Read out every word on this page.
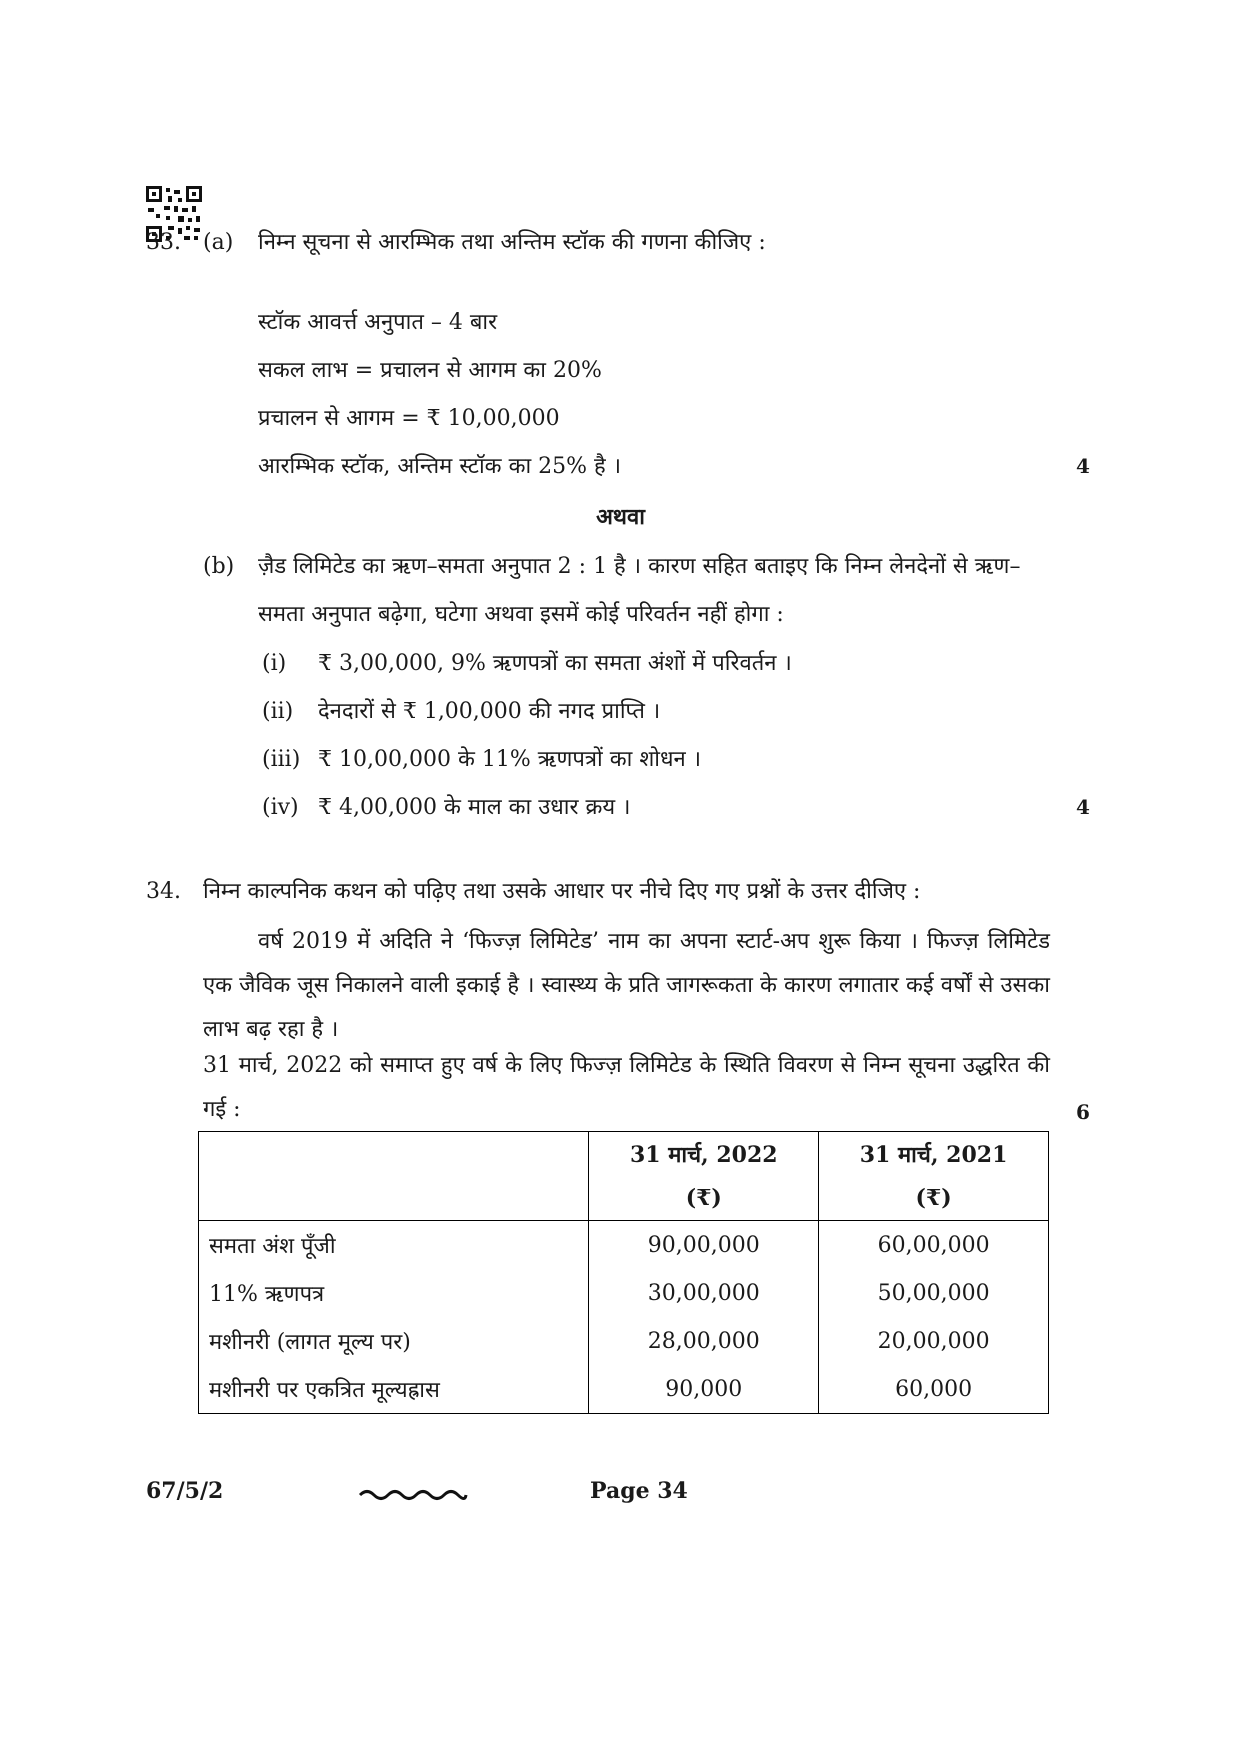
33. (a) निम्न सूचना से आरम्भिक तथा अन्तिम स्टॉक की गणना कीजिए :
स्टॉक आवर्त्त अनुपात – 4 बार
सकल लाभ = प्रचालन से आगम का 20%
प्रचालन से आगम = ₹ 10,00,000
आरम्भिक स्टॉक, अन्तिम स्टॉक का 25% है ।	4
अथवा
(b) ज़ैड लिमिटेड का ऋण–समता अनुपात 2 : 1 है । कारण सहित बताइए कि निम्न लेनदेनों से ऋण–
समता अनुपात बढ़ेगा, घटेगा अथवा इसमें कोई परिवर्तन नहीं होगा :
(i) ₹ 3,00,000, 9% ऋणपत्रों का समता अंशों में परिवर्तन ।
(ii) देनदारों से ₹ 1,00,000 की नगद प्राप्ति ।
(iii) ₹ 10,00,000 के 11% ऋणपत्रों का शोधन ।
(iv) ₹ 4,00,000 के माल का उधार क्रय ।	4
34. निम्न काल्पनिक कथन को पढ़िए तथा उसके आधार पर नीचे दिए गए प्रश्नों के उत्तर दीजिए :
वर्ष 2019 में अदिति ने ‘फिज्ज़ लिमिटेड’ नाम का अपना स्टार्ट-अप शुरू किया । फिज्ज़ लिमिटेड एक जैविक जूस निकालने वाली इकाई है । स्वास्थ्य के प्रति जागरूकता के कारण लगातार कई वर्षों से उसका लाभ बढ़ रहा है ।
31 मार्च, 2022 को समाप्त हुए वर्ष के लिए फिज्ज़ लिमिटेड के स्थिति विवरण से निम्न सूचना उद्धरित की गई :	6
	31 मार्च, 2022	31 मार्च, 2021
	(₹)	(₹)
समता अंश पूँजी	90,00,000	60,00,000
11% ऋणपत्र	30,00,000	50,00,000
मशीनरी (लागत मूल्य पर)	28,00,000	20,00,000
मशीनरी पर एकत्रित मूल्यह्रास	90,000	60,000
67/5/2	Page 34
